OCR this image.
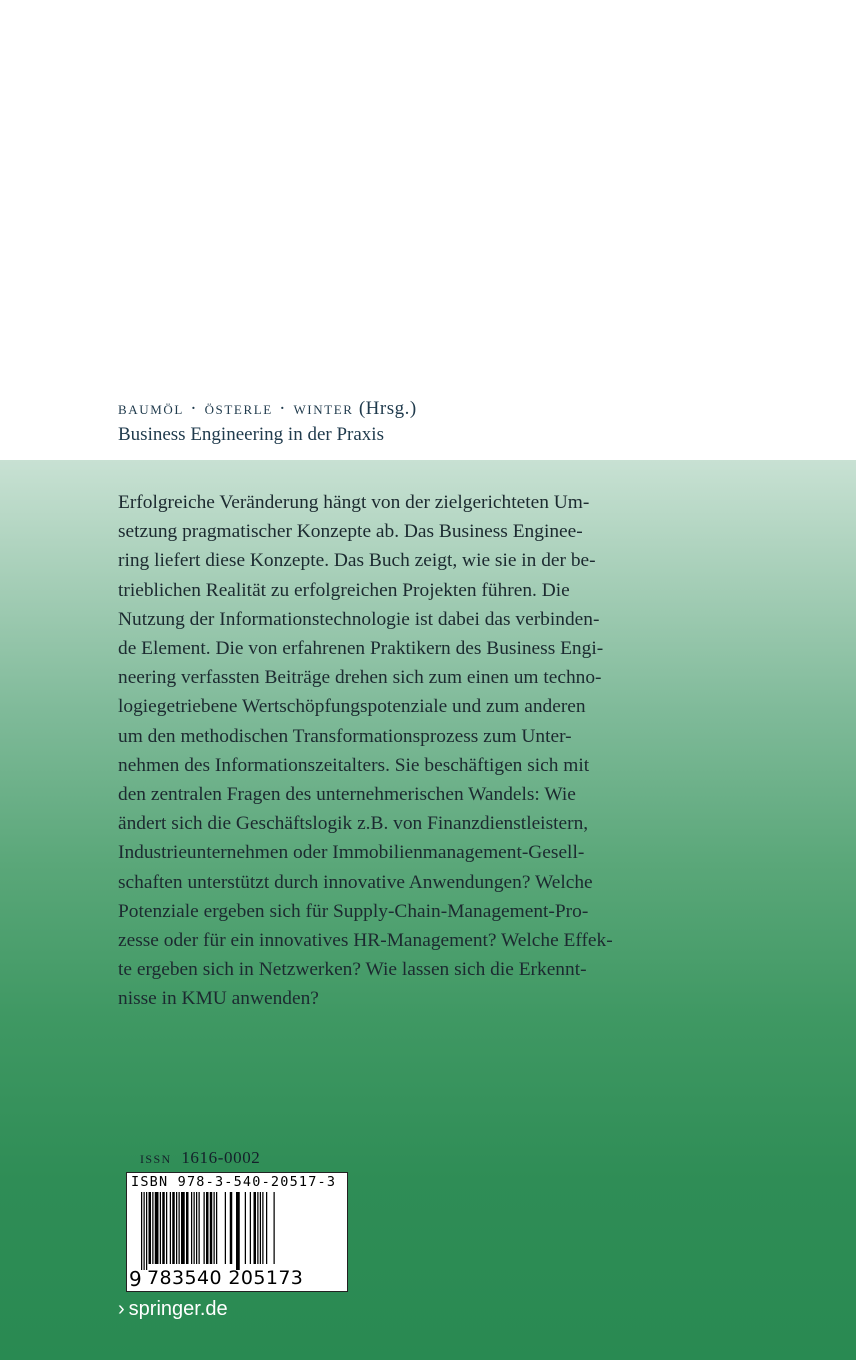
baumöl · österle · winter (Hrsg.)
Business Engineering in der Praxis
Erfolgreiche Veränderung hängt von der zielgerichteten Um-
setzung pragmatischer Konzepte ab. Das Business Enginee-
ring liefert diese Konzepte. Das Buch zeigt, wie sie in der be-
trieblichen Realität zu erfolgreichen Projekten führen. Die
Nutzung der Informationstechnologie ist dabei das verbinden-
de Element. Die von erfahrenen Praktikern des Business Engi-
neering verfassten Beiträge drehen sich zum einen um techno-
logiegetriebene Wertschöpfungspotenziale und zum anderen
um den methodischen Transformationsprozess zum Unter-
nehmen des Informationszeitalters. Sie beschäftigen sich mit
den zentralen Fragen des unternehmerischen Wandels: Wie
ändert sich die Geschäftslogik z.B. von Finanzdienstleistern,
Industrieunternehmen oder Immobilienmanagement-Gesell-
schaften unterstützt durch innovative Anwendungen? Welche
Potenziale ergeben sich für Supply-Chain-Management-Pro-
zesse oder für ein innovatives HR-Management? Welche Effek-
te ergeben sich in Netzwerken? Wie lassen sich die Erkennt-
nisse in KMU anwenden?
issn 1616-0002
ISBN 978-3-540-20517-3
9 783540 205173
› springer.de
